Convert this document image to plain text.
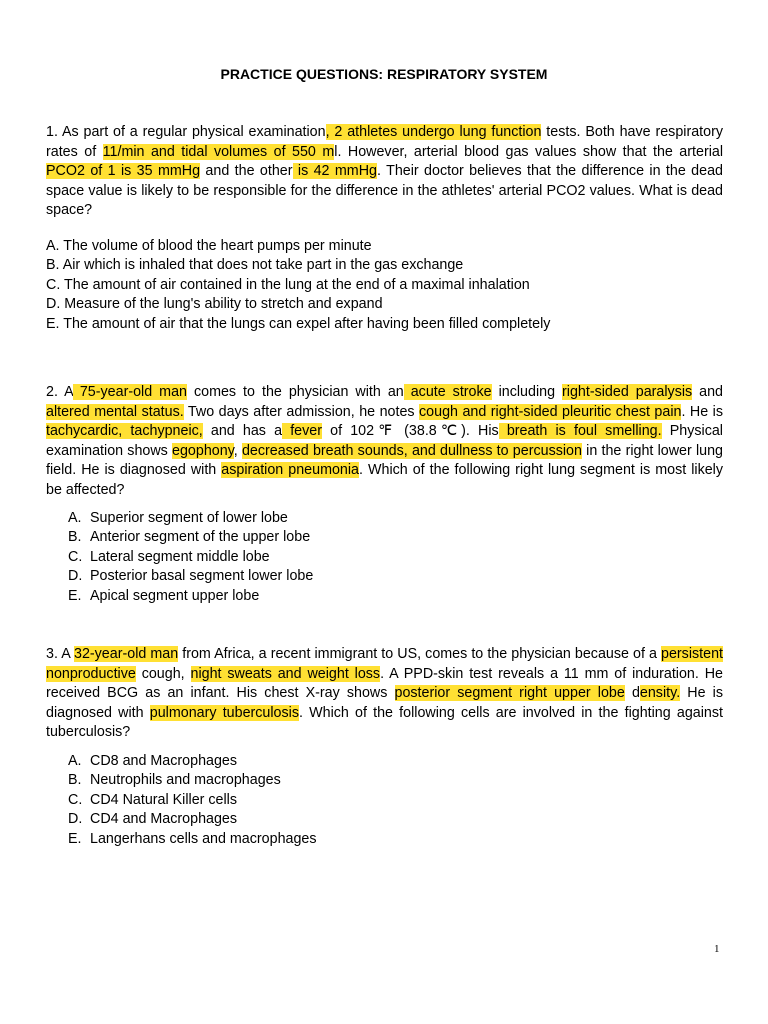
PRACTICE QUESTIONS: RESPIRATORY SYSTEM
1. As part of a regular physical examination, 2 athletes undergo lung function tests. Both have respiratory rates of 11/min and tidal volumes of 550 ml. However, arterial blood gas values show that the arterial PCO2 of 1 is 35 mmHg and the other is 42 mmHg. Their doctor believes that the difference in the dead space value is likely to be responsible for the difference in the athletes' arterial PCO2 values. What is dead space?
A. The volume of blood the heart pumps per minute
B. Air which is inhaled that does not take part in the gas exchange
C. The amount of air contained in the lung at the end of a maximal inhalation
D. Measure of the lung's ability to stretch and expand
E. The amount of air that the lungs can expel after having been filled completely
2. A 75-year-old man comes to the physician with an acute stroke including right-sided paralysis and altered mental status. Two days after admission, he notes cough and right-sided pleuritic chest pain. He is tachycardic, tachypneic, and has a fever of 102℉ (38.8℃). His breath is foul smelling. Physical examination shows egophony, decreased breath sounds, and dullness to percussion in the right lower lung field. He is diagnosed with aspiration pneumonia. Which of the following right lung segment is most likely be affected?
A. Superior segment of lower lobe
B. Anterior segment of the upper lobe
C. Lateral segment middle lobe
D. Posterior basal segment lower lobe
E. Apical segment upper lobe
3. A 32-year-old man from Africa, a recent immigrant to US, comes to the physician because of a persistent nonproductive cough, night sweats and weight loss. A PPD-skin test reveals a 11 mm of induration. He received BCG as an infant. His chest X-ray shows posterior segment right upper lobe density. He is diagnosed with pulmonary tuberculosis. Which of the following cells are involved in the fighting against tuberculosis?
A. CD8 and Macrophages
B. Neutrophils and macrophages
C. CD4 Natural Killer cells
D. CD4 and Macrophages
E. Langerhans cells and macrophages
1
